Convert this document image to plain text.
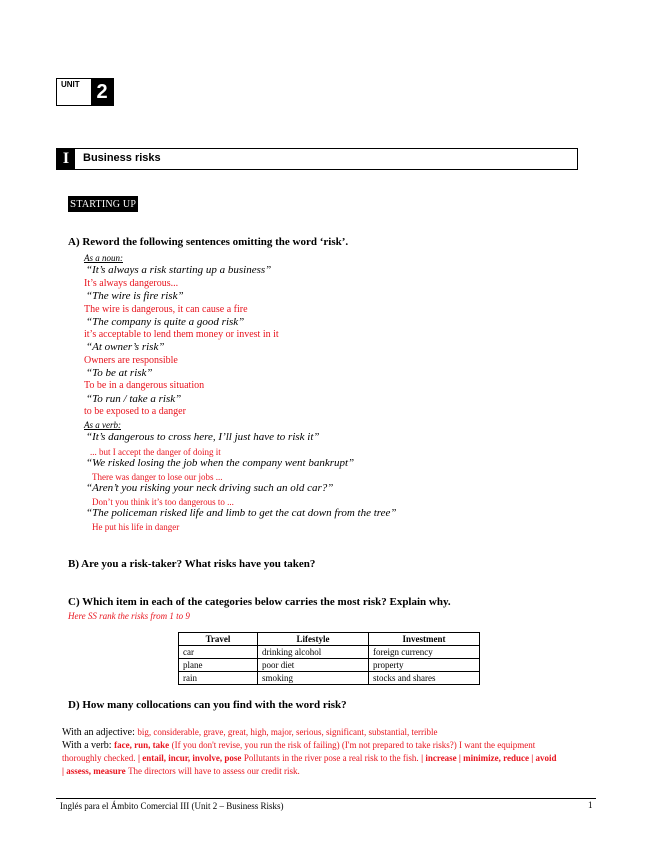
UNIT 2
I	Business risks
STARTING UP
A) Reword the following sentences omitting the word ‘risk’.
As a noun:
“It’s always a risk starting up a business”
It’s always dangerous...
“The wire is fire risk”
The wire is dangerous, it can cause a fire
“The company is quite a good risk”
it’s acceptable to lend them money or invest in it
“At owner’s risk”
Owners are responsible
“To be at risk”
To be in a dangerous situation
“To run / take a risk”
to be exposed to a danger
As a verb:
“It’s dangerous to cross here, I’ll just have to risk it”
... but I accept the danger of doing it
“We risked losing the job when the company went bankrupt”
There was danger to lose our jobs ...
“Aren’t you risking your neck driving such an old car?”
Don’t you think it’s too dangerous to ...
“The policeman risked life and limb to get the cat down from the tree”
He put his life in danger
B) Are you a risk-taker? What risks have you taken?
C) Which item in each of the categories below carries the most risk? Explain why.
Here SS rank the risks from 1 to 9
Travel	Lifestyle	Investment
car	drinking alcohol	foreign currency
plane	poor diet	property
rain	smoking	stocks and shares
D) How many collocations can you find with the word risk?
With an adjective: big, considerable, grave, great, high, major, serious, significant, substantial, terrible
With a verb: face, run, take (If you don't revise, you run the risk of failing) (I'm not prepared to take risks?) I want the equipment
thoroughly checked. | entail, incur, involve, pose Pollutants in the river pose a real risk to the fish. | increase | minimize, reduce | avoid
| assess, measure The directors will have to assess our credit risk.
Inglés para el Ámbito Comercial III (Unit 2 – Business Risks)	1
